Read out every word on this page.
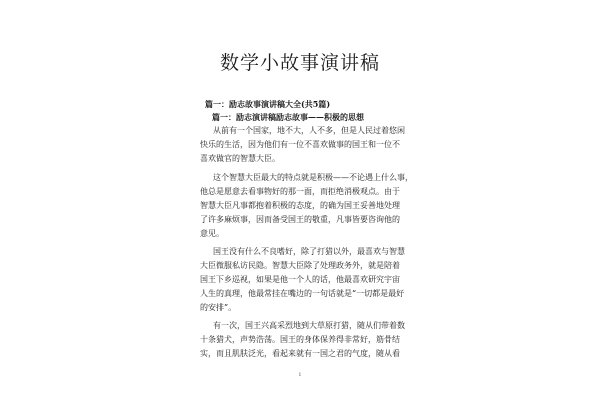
数学小故事演讲稿

篇一：励志故事演讲稿大全(共5篇)

篇一：励志演讲稿励志故事——积极的思想

从前有一个国家，地不大，人不多，但是人民过着悠闲

快乐的生活，因为他们有一位不喜欢做事的国王和一位不

喜欢做官的智慧大臣。

这个智慧大臣最大的特点就是积极——不论遇上什么事，

他总是愿意去看事物好的那一面，而拒绝消极观点。由于

智慧大臣凡事都抱着积极的态度，的确为国王妥善地处理

了许多麻烦事，因而备受国王的敬重，凡事皆要咨询他的

意见。

国王没有什么不良嗜好，除了打猎以外，最喜欢与智慧

大臣微服私访民隐。智慧大臣除了处理政务外，就是陪着

国王下乡巡视，如果是他一个人的话，他最喜欢研究宇宙

人生的真理，他最常挂在嘴边的一句话就是“一切都是最好

的安排”。

有一次，国王兴高采烈地到大草原打猎，随从们带着数

十条猎犬，声势浩荡。国王的身体保养得非常好，筋骨结

实，而且肌肤泛光，看起来就有一国之君的气度，随从看

1
